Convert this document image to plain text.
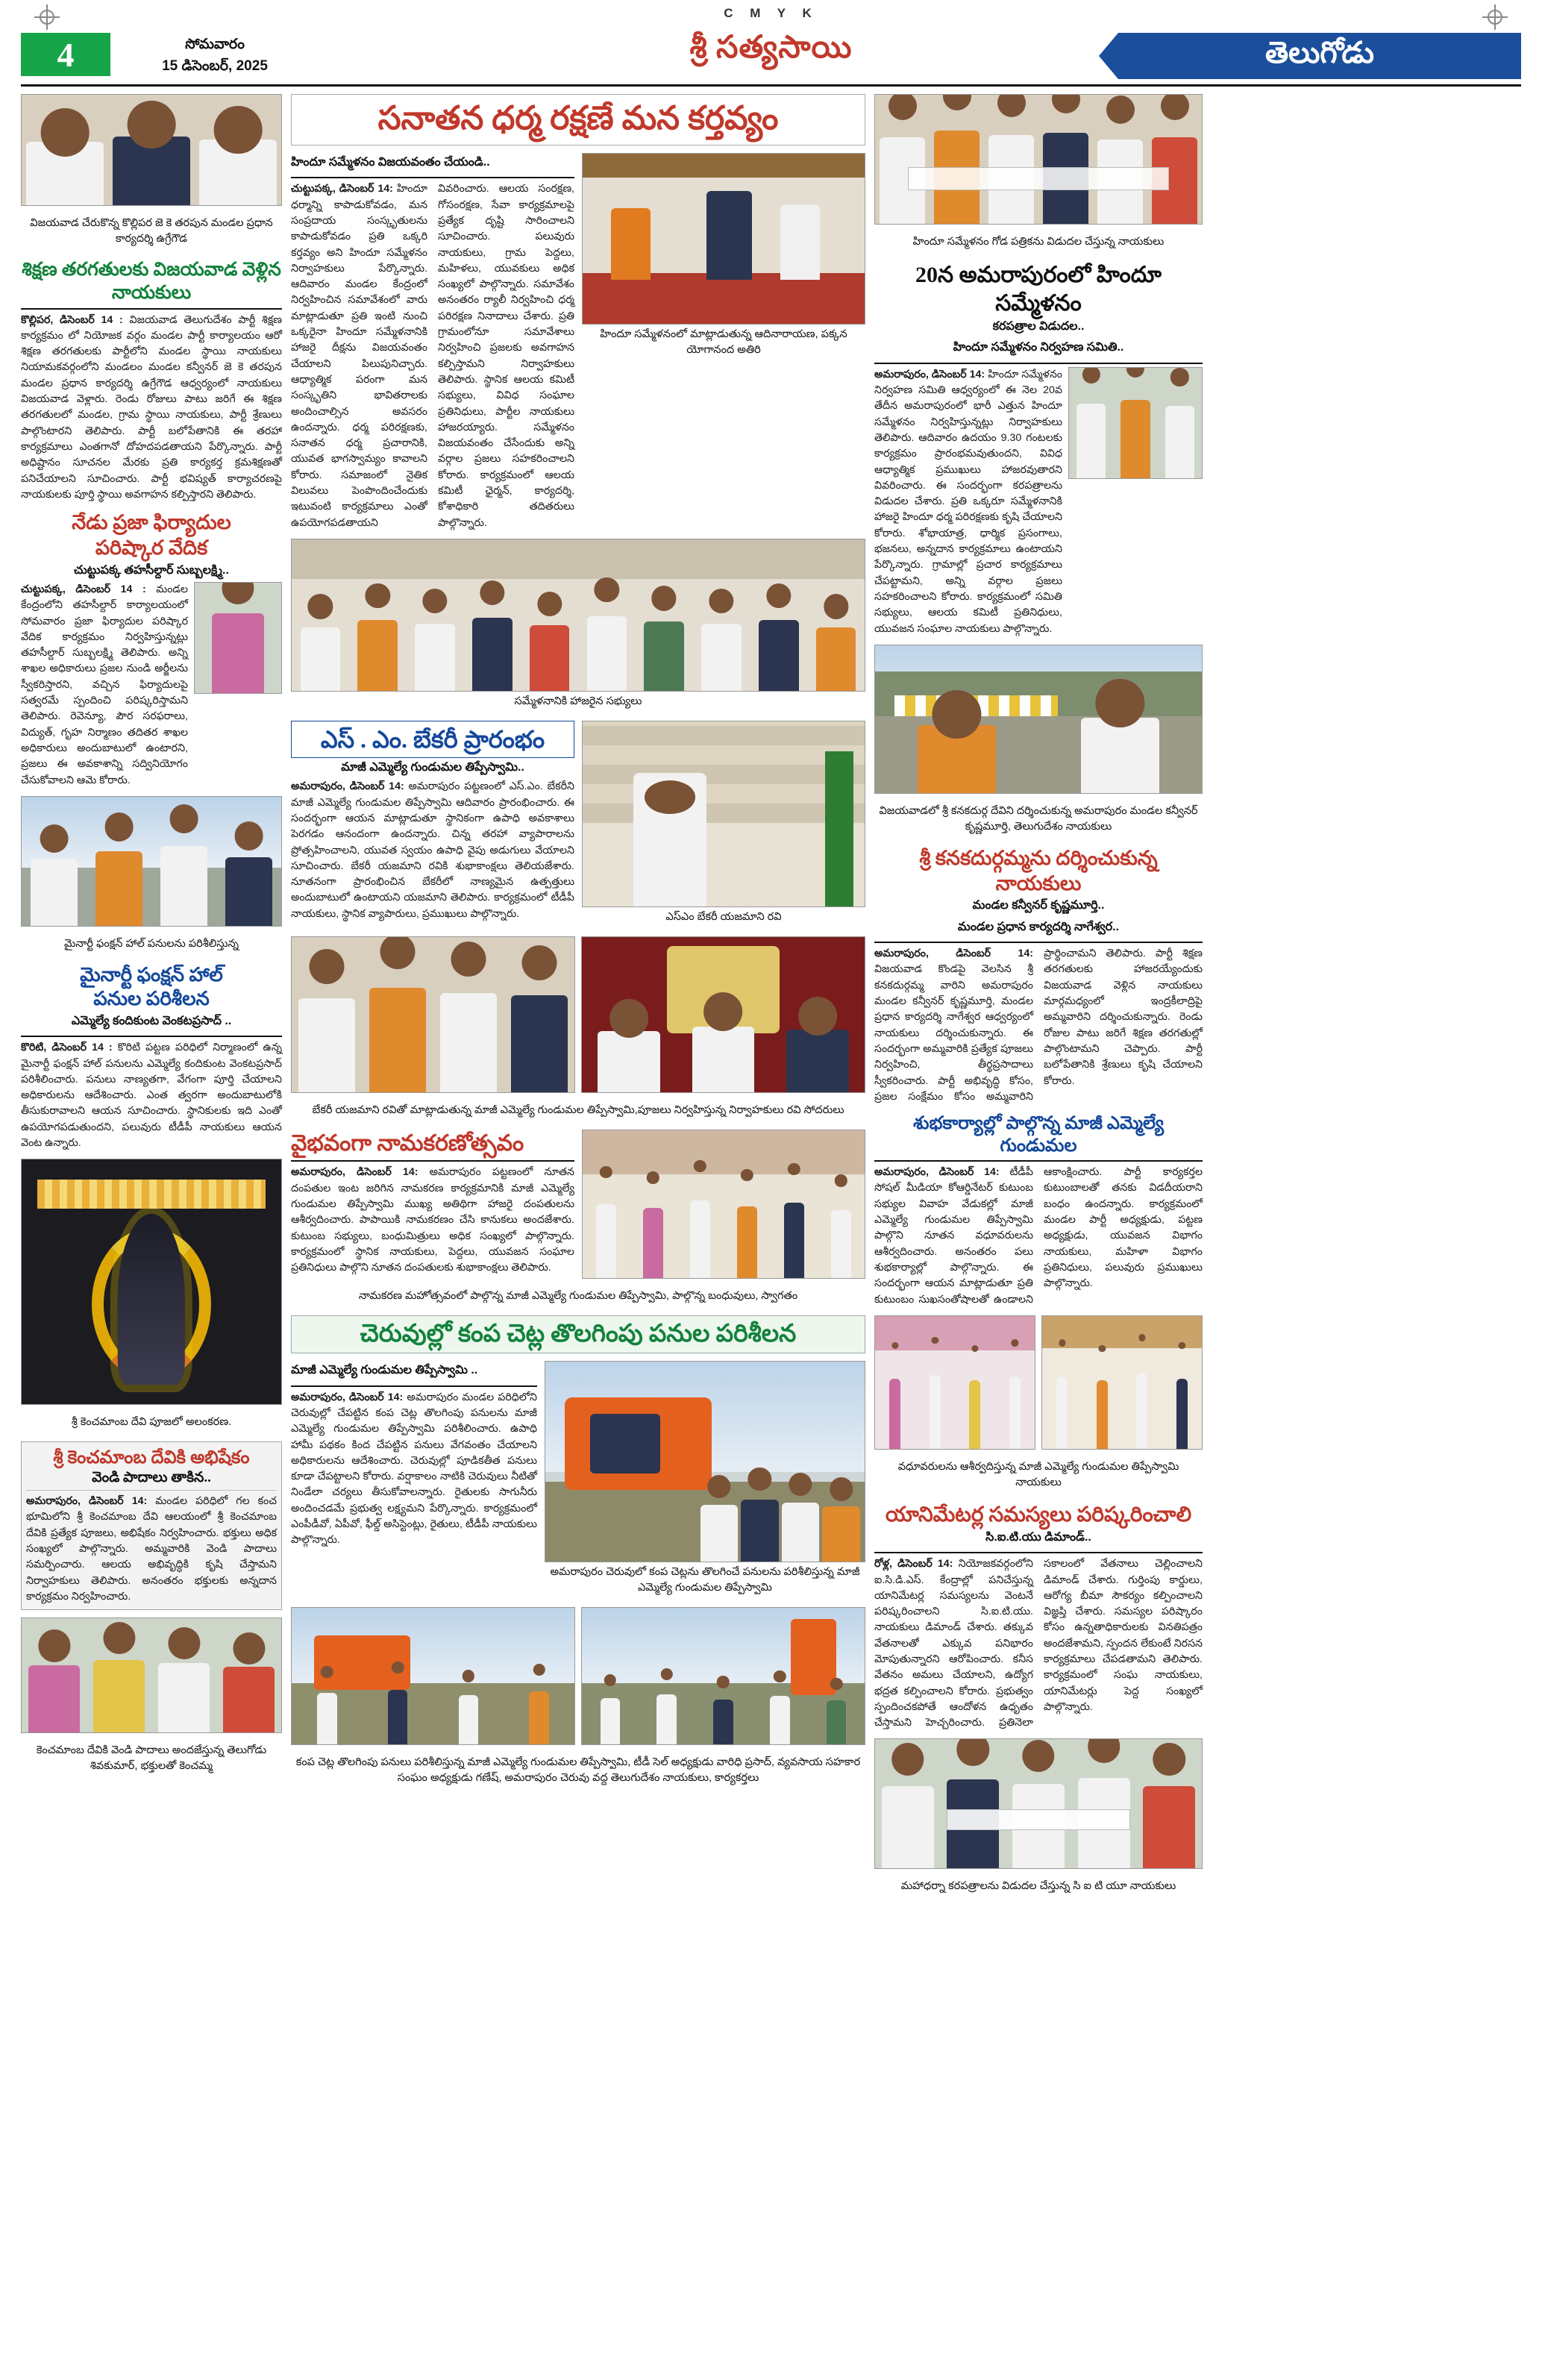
C M Y K
4	సోమవారం
15 డిసెంబర్, 2025
శ్రీ సత్యసాయి	తెలుగోడు
విజయవాడ చేరుకొన్న కొల్లిపర జె కె తరపున మండల ప్రధాన కార్యదర్శి ఉగ్రేగౌడ
శిక్షణ తరగతులకు విజయవాడ వెళ్లిన నాయకులు
కొల్లిపర, డిసెంబర్ 14 : విజయవాడ తెలుగుదేశం పార్టీ శిక్షణ కార్యక్రమం లో నియోజక వర్గం మండల పార్టీ కార్యాలయం ఆరో శిక్షణ తరగతులకు పార్టీలోని మండల స్థాయి నాయకులు నియామకవర్గంలోని మండలం మండల కన్వీనర్ జె కె తరపున మండల ప్రధాన కార్యదర్శి ఉగ్రేగౌడ ఆధ్వర్యంలో నాయకులు విజయవాడ వెళ్లారు. రెండు రోజులు పాటు జరిగే ఈ శిక్షణ తరగతులలో మండల, గ్రామ స్థాయి నాయకులు, పార్టీ శ్రేణులు పాల్గొంటారని తెలిపారు. పార్టీ బలోపేతానికి ఈ తరహా కార్యక్రమాలు ఎంతగానో దోహదపడతాయని పేర్కొన్నారు. పార్టీ అధిష్టానం సూచనల మేరకు ప్రతి కార్యకర్త క్రమశిక్షణతో పనిచేయాలని సూచించారు. పార్టీ భవిష్యత్ కార్యాచరణపై నాయకులకు పూర్తి స్థాయి అవగాహన కల్పిస్తారని తెలిపారు.
నేడు ప్రజా ఫిర్యాదుల
పరిష్కార వేదిక
చుట్టుపక్క తహసీల్దార్ సుబ్బలక్ష్మి..
చుట్టుపక్క, డిసెంబర్ 14 : మండల కేంద్రంలోని తహసీల్దార్ కార్యాలయంలో సోమవారం ప్రజా ఫిర్యాదుల పరిష్కార వేదిక కార్యక్రమం నిర్వహిస్తున్నట్లు తహసీల్దార్ సుబ్బలక్ష్మి తెలిపారు. అన్ని శాఖల అధికారులు ప్రజల నుండి అర్జీలను స్వీకరిస్తారని, వచ్చిన ఫిర్యాదులపై సత్వరమే స్పందించి పరిష్కరిస్తామని తెలిపారు. రెవెన్యూ, పౌర సరఫరాలు, విద్యుత్, గృహ నిర్మాణం తదితర శాఖల అధికారులు అందుబాటులో ఉంటారని, ప్రజలు ఈ అవకాశాన్ని సద్వినియోగం చేసుకోవాలని ఆమె కోరారు.
మైనార్టీ ఫంక్షన్ హాల్ పనులను పరిశీలిస్తున్న
మైనార్టీ ఫంక్షన్ హాల్
పనుల పరిశీలన
ఎమ్మెల్యే కందికుంట వెంకటప్రసాద్ ..
కొరిటి, డిసెంబర్ 14 : కొరిటి పట్టణ పరిధిలో నిర్మాణంలో ఉన్న మైనార్టీ ఫంక్షన్ హాల్ పనులను ఎమ్మెల్యే కందికుంట వెంకటప్రసాద్ పరిశీలించారు. పనులు నాణ్యతగా, వేగంగా పూర్తి చేయాలని అధికారులను ఆదేశించారు. ఎంత త్వరగా అందుబాటులోకి తీసుకురావాలని ఆయన సూచించారు. స్థానికులకు ఇది ఎంతో ఉపయోగపడుతుందని, పలువురు టీడీపీ నాయకులు ఆయన వెంట ఉన్నారు.
శ్రీ కెంచమాంబ దేవి పూజలో అలంకరణ.
శ్రీ కెంచమాంబ దేవికి అభిషేకం
వెండి పాదాలు తాకిన..
అమరాపురం, డిసెంబర్ 14: మండల పరిధిలో గల కంచ భూమిలోని శ్రీ కెంచమాంబ దేవి ఆలయంలో శ్రీ కెంచమాంబ దేవికి ప్రత్యేక పూజలు, అభిషేకం నిర్వహించారు. భక్తులు అధిక సంఖ్యలో పాల్గొన్నారు. అమ్మవారికి వెండి పాదాలు సమర్పించారు. ఆలయ అభివృద్ధికి కృషి చేస్తామని నిర్వాహకులు తెలిపారు. అనంతరం భక్తులకు అన్నదాన కార్యక్రమం నిర్వహించారు.
కెంచమాంబ దేవికి వెండి పాదాలు అందజేస్తున్న తెలుగోడు శివకుమార్, భక్తులతో కెంచమ్మ
సనాతన ధర్మ రక్షణే మన కర్తవ్యం
హిందూ సమ్మేళనం విజయవంతం చేయండి..
చుట్టుపక్క, డిసెంబర్ 14: హిందూ ధర్మాన్ని కాపాడుకోవడం, మన సంప్రదాయ సంస్కృతులను కాపాడుకోవడం ప్రతి ఒక్కరి కర్తవ్యం అని హిందూ సమ్మేళనం నిర్వాహకులు పేర్కొన్నారు. ఆదివారం మండల కేంద్రంలో నిర్వహించిన సమావేశంలో వారు మాట్లాడుతూ ప్రతి ఇంటి నుంచి ఒక్కరైనా హిందూ సమ్మేళనానికి హాజరై దీక్షను విజయవంతం చేయాలని పిలుపునిచ్చారు. ఆధ్యాత్మిక పరంగా మన సంస్కృతిని భావితరాలకు అందించాల్సిన అవసరం ఉందన్నారు. ధర్మ పరిరక్షణకు, సనాతన ధర్మ ప్రచారానికి, యువత భాగస్వామ్యం కావాలని కోరారు. సమాజంలో నైతిక విలువలు పెంపొందించేందుకు ఇటువంటి కార్యక్రమాలు ఎంతో ఉపయోగపడతాయని వివరించారు. ఆలయ సంరక్షణ, గోసంరక్షణ, సేవా కార్యక్రమాలపై ప్రత్యేక దృష్టి సారించాలని సూచించారు. పలువురు నాయకులు, గ్రామ పెద్దలు, మహిళలు, యువకులు అధిక సంఖ్యలో పాల్గొన్నారు. సమావేశం అనంతరం ర్యాలీ నిర్వహించి ధర్మ పరిరక్షణ నినాదాలు చేశారు. ప్రతి గ్రామంలోనూ సమావేశాలు నిర్వహించి ప్రజలకు అవగాహన కల్పిస్తామని నిర్వాహకులు తెలిపారు. స్థానిక ఆలయ కమిటీ సభ్యులు, వివిధ సంఘాల ప్రతినిధులు, పార్టీల నాయకులు హాజరయ్యారు. సమ్మేళనం విజయవంతం చేసేందుకు అన్ని వర్గాల ప్రజలు సహకరించాలని కోరారు. కార్యక్రమంలో ఆలయ కమిటీ ఛైర్మన్, కార్యదర్శి, కోశాధికారి తదితరులు పాల్గొన్నారు.
హిందూ సమ్మేళనంలో మాట్లాడుతున్న ఆదినారాయణ, పక్కన యోగానంద అతిరి
సమ్మేళనానికి హాజరైన సభ్యులు
ఎస్ . ఎం. బేకరీ ప్రారంభం
మాజీ ఎమ్మెల్యే గుండుమల తిప్పేస్వామి..
అమరాపురం, డిసెంబర్ 14: అమరాపురం పట్టణంలో ఎస్.ఎం. బేకరీని మాజీ ఎమ్మెల్యే గుండుమల తిప్పేస్వామి ఆదివారం ప్రారంభించారు. ఈ సందర్భంగా ఆయన మాట్లాడుతూ స్థానికంగా ఉపాధి అవకాశాలు పెరగడం ఆనందంగా ఉందన్నారు. చిన్న తరహా వ్యాపారాలను ప్రోత్సహించాలని, యువత స్వయం ఉపాధి వైపు అడుగులు వేయాలని సూచించారు. బేకరీ యజమాని రవికి శుభాకాంక్షలు తెలియజేశారు. నూతనంగా ప్రారంభించిన బేకరీలో నాణ్యమైన ఉత్పత్తులు అందుబాటులో ఉంటాయని యజమాని తెలిపారు. కార్యక్రమంలో టీడీపీ నాయకులు, స్థానిక వ్యాపారులు, ప్రముఖులు పాల్గొన్నారు.	ఎస్ఎం బేకరీ యజమాని రవి
బేకరీ యజమాని రవితో మాట్లాడుతున్న మాజీ ఎమ్మెల్యే గుండుమల తిప్పేస్వామి,పూజలు నిర్వహిస్తున్న నిర్వాహకులు రవి సోదరులు
వైభవంగా నామకరణోత్సవం
అమరాపురం, డిసెంబర్ 14: అమరాపురం పట్టణంలో నూతన దంపతుల ఇంట జరిగిన నామకరణ కార్యక్రమానికి మాజీ ఎమ్మెల్యే గుండుమల తిప్పేస్వామి ముఖ్య అతిథిగా హాజరై దంపతులను ఆశీర్వదించారు. పాపాయికి నామకరణం చేసి కానుకలు అందజేశారు. కుటుంబ సభ్యులు, బంధుమిత్రులు అధిక సంఖ్యలో పాల్గొన్నారు. కార్యక్రమంలో స్థానిక నాయకులు, పెద్దలు, యువజన సంఘాల ప్రతినిధులు పాల్గొని నూతన దంపతులకు శుభాకాంక్షలు తెలిపారు.
నామకరణ మహోత్సవంలో పాల్గొన్న మాజీ ఎమ్మెల్యే గుండుమల తిప్పేస్వామి, పాల్గొన్న బంధువులు, స్వాగతం
చెరువుల్లో కంప చెట్ల తొలగింపు పనుల పరిశీలన
మాజీ ఎమ్మెల్యే గుండుమల తిప్పేస్వామి ..
అమరాపురం, డిసెంబర్ 14: అమరాపురం మండల పరిధిలోని చెరువుల్లో చేపట్టిన కంప చెట్ల తొలగింపు పనులను మాజీ ఎమ్మెల్యే గుండుమల తిప్పేస్వామి పరిశీలించారు. ఉపాధి హామీ పథకం కింద చేపట్టిన పనులు వేగవంతం చేయాలని అధికారులను ఆదేశించారు. చెరువుల్లో పూడికతీత పనులు కూడా చేపట్టాలని కోరారు. వర్షాకాలం నాటికి చెరువులు నీటితో నిండేలా చర్యలు తీసుకోవాలన్నారు. రైతులకు సాగునీరు అందించడమే ప్రభుత్వ లక్ష్యమని పేర్కొన్నారు. కార్యక్రమంలో ఎంపీడీవో, ఏపీవో, ఫీల్డ్ అసిస్టెంట్లు, రైతులు, టీడీపీ నాయకులు పాల్గొన్నారు.
అమరాపురం చెరువులో కంప చెట్లను తొలగించే పనులను పరిశీలిస్తున్న మాజీ ఎమ్మెల్యే గుండుమల తిప్పేస్వామి
కంప చెట్ల తొలగింపు పనులు పరిశీలిస్తున్న మాజీ ఎమ్మెల్యే గుండుమల తిప్పేస్వామి, టీడీ సెల్ అధ్యక్షుడు వారిధి ప్రసాద్, వ్యవసాయ సహకార సంఘం అధ్యక్షుడు గణేష్, అమరాపురం చెరువు వద్ద తెలుగుదేశం నాయకులు, కార్యకర్తలు
హిందూ సమ్మేళనం గోడ పత్రికను విడుదల చేస్తున్న నాయకులు
20న అమరాపురంలో హిందూ సమ్మేళనం
కరపత్రాల విడుదల..
హిందూ సమ్మేళనం నిర్వహణ సమితి..
అమరాపురం, డిసెంబర్ 14: హిందూ సమ్మేళనం నిర్వహణ సమితి ఆధ్వర్యంలో ఈ నెల 20వ తేదీన అమరాపురంలో భారీ ఎత్తున హిందూ సమ్మేళనం నిర్వహిస్తున్నట్లు నిర్వాహకులు తెలిపారు. ఆదివారం ఉదయం 9.30 గంటలకు కార్యక్రమం ప్రారంభమవుతుందని, వివిధ ఆధ్యాత్మిక ప్రముఖులు హాజరవుతారని వివరించారు. ఈ సందర్భంగా కరపత్రాలను విడుదల చేశారు. ప్రతి ఒక్కరూ సమ్మేళనానికి హాజరై హిందూ ధర్మ పరిరక్షణకు కృషి చేయాలని కోరారు. శోభాయాత్ర, ధార్మిక ప్రసంగాలు, భజనలు, అన్నదాన కార్యక్రమాలు ఉంటాయని పేర్కొన్నారు. గ్రామాల్లో ప్రచార కార్యక్రమాలు చేపట్టామని, అన్ని వర్గాల ప్రజలు సహకరించాలని కోరారు. కార్యక్రమంలో సమితి సభ్యులు, ఆలయ కమిటీ ప్రతినిధులు, యువజన సంఘాల నాయకులు పాల్గొన్నారు.
విజయవాడలో శ్రీ కనకదుర్గ దేవిని దర్శించుకున్న అమరాపురం మండల కన్వీనర్ కృష్ణమూర్తి, తెలుగుదేశం నాయకులు
శ్రీ కనకదుర్గమ్మను దర్శించుకున్న నాయకులు
మండల కన్వీనర్ కృష్ణమూర్తి..
మండల ప్రధాన కార్యదర్శి నాగేశ్వర..
అమరాపురం, డిసెంబర్ 14: విజయవాడ కొండపై వెలసిన శ్రీ కనకదుర్గమ్మ వారిని అమరాపురం మండల కన్వీనర్ కృష్ణమూర్తి, మండల ప్రధాన కార్యదర్శి నాగేశ్వర ఆధ్వర్యంలో నాయకులు దర్శించుకున్నారు. ఈ సందర్భంగా అమ్మవారికి ప్రత్యేక పూజలు నిర్వహించి, తీర్థప్రసాదాలు స్వీకరించారు. పార్టీ అభివృద్ధి కోసం, ప్రజల సంక్షేమం కోసం అమ్మవారిని ప్రార్థించామని తెలిపారు. పార్టీ శిక్షణ తరగతులకు హాజరయ్యేందుకు విజయవాడ వెళ్లిన నాయకులు మార్గమధ్యంలో ఇంద్రకీలాద్రిపై అమ్మవారిని దర్శించుకున్నారు. రెండు రోజుల పాటు జరిగే శిక్షణ తరగతుల్లో పాల్గొంటామని చెప్పారు. పార్టీ బలోపేతానికి శ్రేణులు కృషి చేయాలని కోరారు.
శుభకార్యాల్లో పాల్గొన్న మాజీ ఎమ్మెల్యే గుండుమల
అమరాపురం, డిసెంబర్ 14: టీడీపీ సోషల్ మీడియా కోఆర్డినేటర్ కుటుంబ సభ్యుల వివాహ వేడుకల్లో మాజీ ఎమ్మెల్యే గుండుమల తిప్పేస్వామి పాల్గొని నూతన వధూవరులను ఆశీర్వదించారు. అనంతరం పలు శుభకార్యాల్లో పాల్గొన్నారు. ఈ సందర్భంగా ఆయన మాట్లాడుతూ ప్రతి కుటుంబం సుఖసంతోషాలతో ఉండాలని ఆకాంక్షించారు. పార్టీ కార్యకర్తల కుటుంబాలతో తనకు విడదీయరాని బంధం ఉందన్నారు. కార్యక్రమంలో మండల పార్టీ అధ్యక్షుడు, పట్టణ అధ్యక్షుడు, యువజన విభాగం నాయకులు, మహిళా విభాగం ప్రతినిధులు, పలువురు ప్రముఖులు పాల్గొన్నారు.
వధూవరులను ఆశీర్వదిస్తున్న మాజీ ఎమ్మెల్యే గుండుమల తిప్పేస్వామి నాయకులు
యానిమేటర్ల సమస్యలు పరిష్కరించాలి
సి.ఐ.టి.యు డిమాండ్..
రోళ్ల, డిసెంబర్ 14: నియోజకవర్గంలోని ఐ.సి.డి.ఎస్. కేంద్రాల్లో పనిచేస్తున్న యానిమేటర్ల సమస్యలను వెంటనే పరిష్కరించాలని సి.ఐ.టి.యు. నాయకులు డిమాండ్ చేశారు. తక్కువ వేతనాలతో ఎక్కువ పనిభారం మోపుతున్నారని ఆరోపించారు. కనీస వేతనం అమలు చేయాలని, ఉద్యోగ భద్రత కల్పించాలని కోరారు. ప్రభుత్వం స్పందించకపోతే ఆందోళన ఉధృతం చేస్తామని హెచ్చరించారు. ప్రతినెలా సకాలంలో వేతనాలు చెల్లించాలని డిమాండ్ చేశారు. గుర్తింపు కార్డులు, ఆరోగ్య బీమా సౌకర్యం కల్పించాలని విజ్ఞప్తి చేశారు. సమస్యల పరిష్కారం కోసం ఉన్నతాధికారులకు వినతిపత్రం అందజేశామని, స్పందన లేకుంటే నిరసన కార్యక్రమాలు చేపడతామని తెలిపారు. కార్యక్రమంలో సంఘ నాయకులు, యానిమేటర్లు పెద్ద సంఖ్యలో పాల్గొన్నారు.
మహాధర్నా కరపత్రాలను విడుదల చేస్తున్న సి ఐ టి యూ నాయకులు
